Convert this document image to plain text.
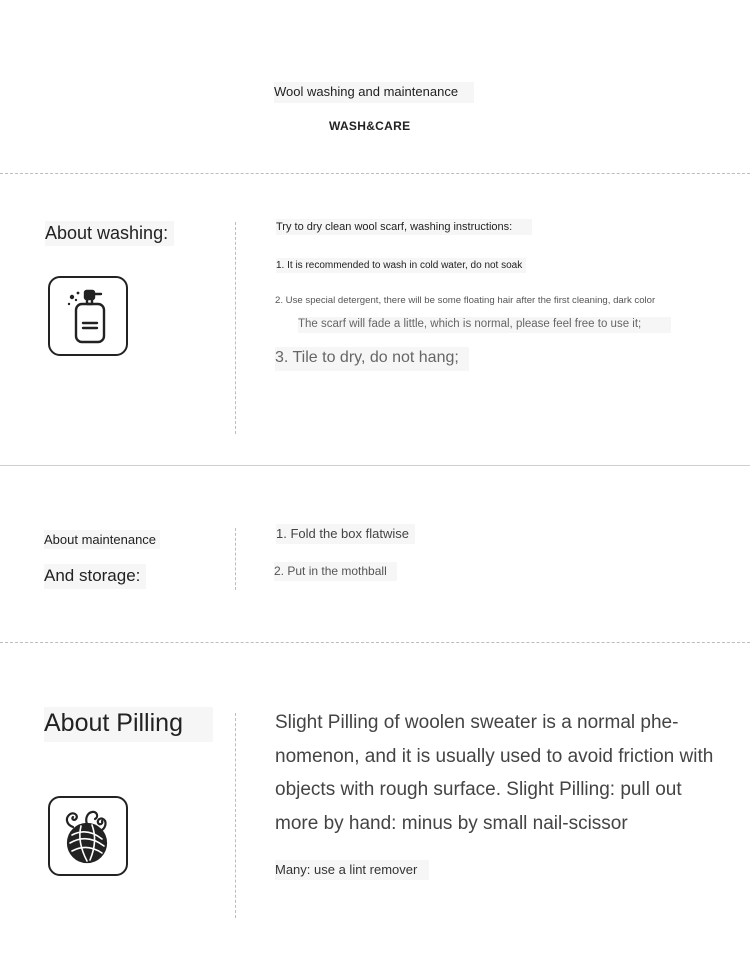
Wool washing and maintenance
WASH&CARE
About washing:	Try to dry clean wool scarf, washing instructions:
1. It is recommended to wash in cold water, do not soak
2. Use special detergent, there will be some floating hair after the first cleaning, dark color
The scarf will fade a little, which is normal, please feel free to use it;
3. Tile to dry, do not hang;
About maintenance
And storage:
1. Fold the box flatwise
2. Put in the mothball
About Pilling	Slight Pilling of woolen sweater is a normal phe-nomenon, and it is usually used to avoid friction with objects with rough surface. Slight Pilling: pull out more by hand: minus by small nail-scissor
Many: use a lint remover
